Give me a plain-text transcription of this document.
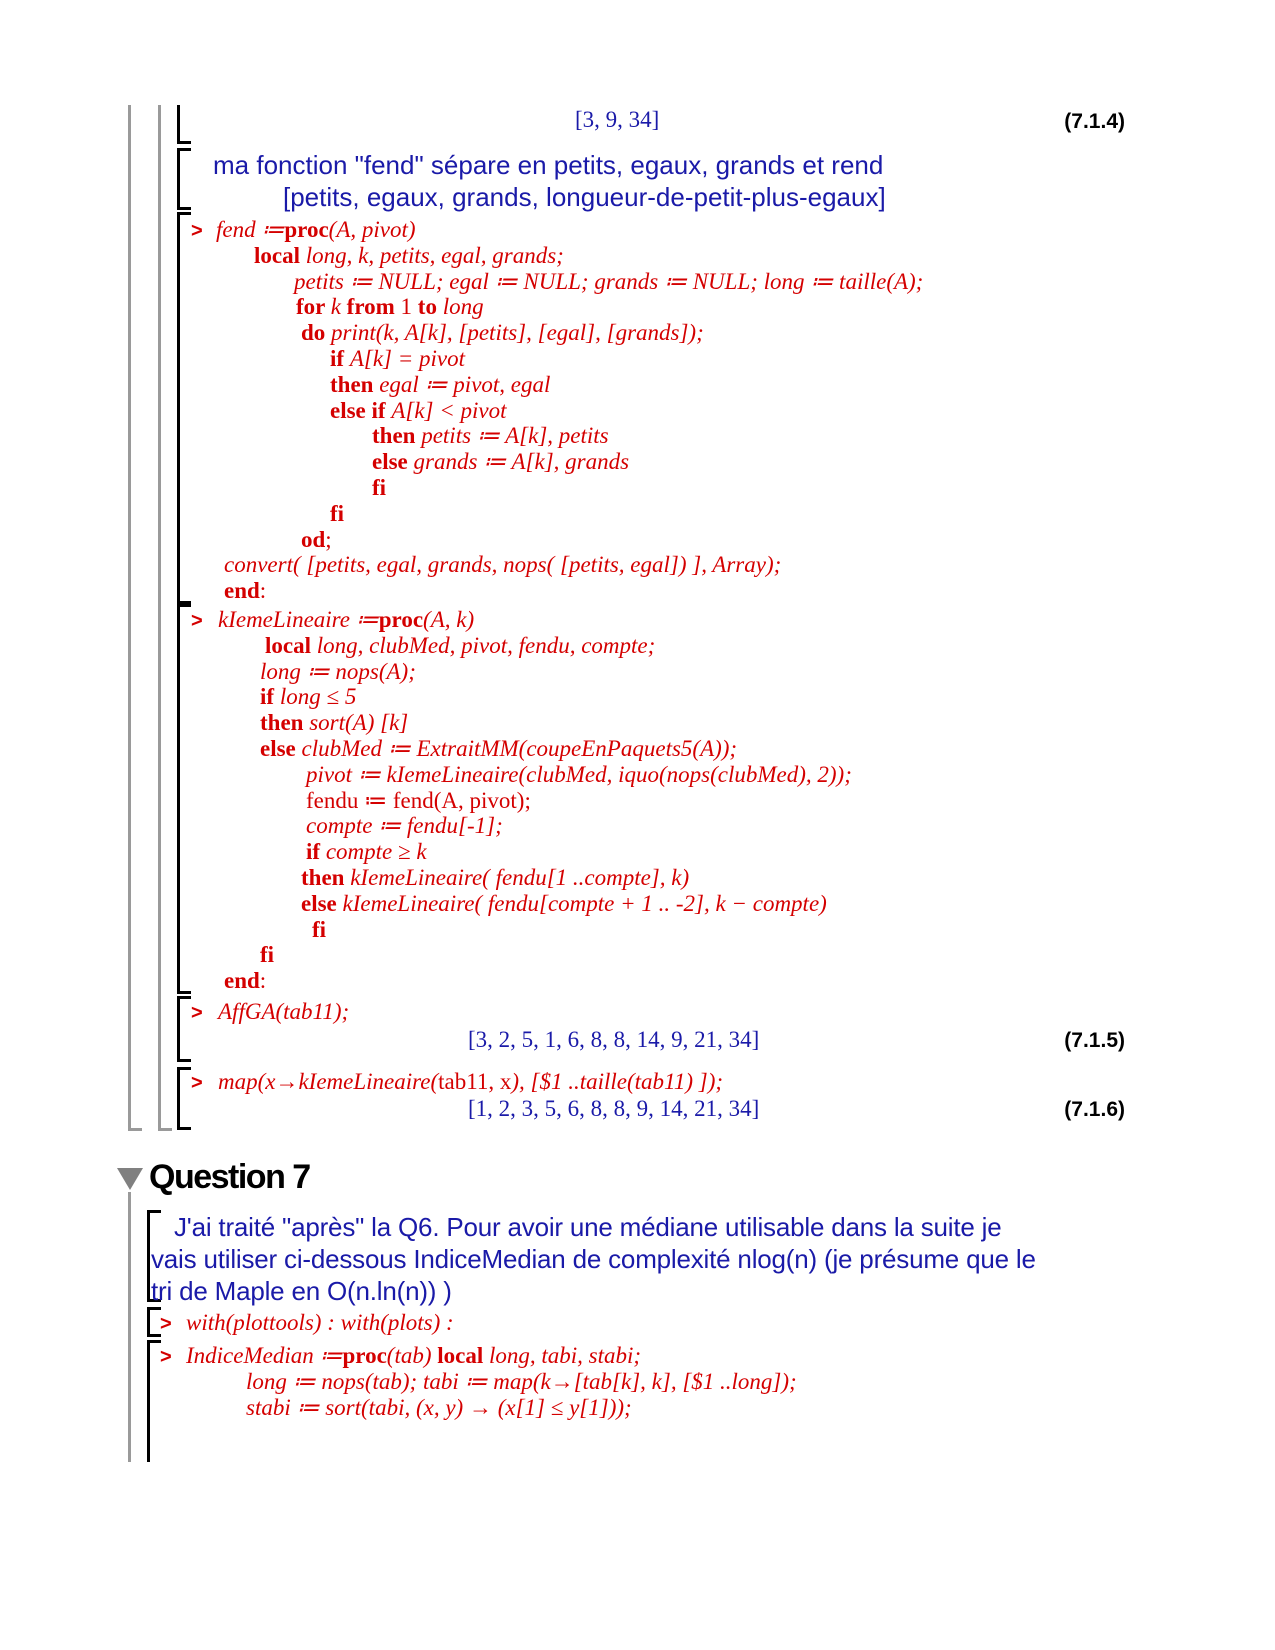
[3, 9, 34]	(7.1.4)
ma fonction "fend" sépare en petits, egaux, grands et rend
[petits, egaux, grands, longueur-de-petit-plus-egaux]
> fend ≔proc(A, pivot)
local long, k, petits, egal, grands;
petits ≔ NULL; egal ≔ NULL; grands ≔ NULL; long ≔ taille(A);
for k from 1 to long
do print(k, A[k], [petits], [egal], [grands]);
if A[k] = pivot
then egal ≔ pivot, egal
else if A[k] < pivot
then petits ≔ A[k], petits
else grands ≔ A[k], grands
fi
fi
od;
convert( [petits, egal, grands, nops( [petits, egal]) ], Array);
end:
> kIemeLineaire ≔proc(A, k)
local long, clubMed, pivot, fendu, compte;
long ≔ nops(A);
if long ≤ 5
then sort(A) [k]
else clubMed ≔ ExtraitMM(coupeEnPaquets5(A));
pivot ≔ kIemeLineaire(clubMed, iquo(nops(clubMed), 2));
fendu ≔ fend(A, pivot);
compte ≔ fendu[-1];
if compte ≥ k
then kIemeLineaire( fendu[1 ..compte], k)
else kIemeLineaire( fendu[compte + 1 .. -2], k − compte)
fi
fi
end:
> AffGA(tab11);
[3, 2, 5, 1, 6, 8, 8, 14, 9, 21, 34]	(7.1.5)
> map(x→kIemeLineaire(tab11, x), [$1 ..taille(tab11) ]);
[1, 2, 3, 5, 6, 8, 8, 9, 14, 21, 34]	(7.1.6)
Question 7
J'ai traité "après" la Q6. Pour avoir une médiane utilisable dans la suite je
vais utiliser ci-dessous IndiceMedian de complexité nlog(n) (je présume que le
tri de Maple en O(n.ln(n)) )
> with(plottools) : with(plots) :
> IndiceMedian ≔proc(tab) local long, tabi, stabi;
long ≔ nops(tab); tabi ≔ map(k→[tab[k], k], [$1 ..long]);
stabi ≔ sort(tabi, (x, y) → (x[1] ≤ y[1]));
